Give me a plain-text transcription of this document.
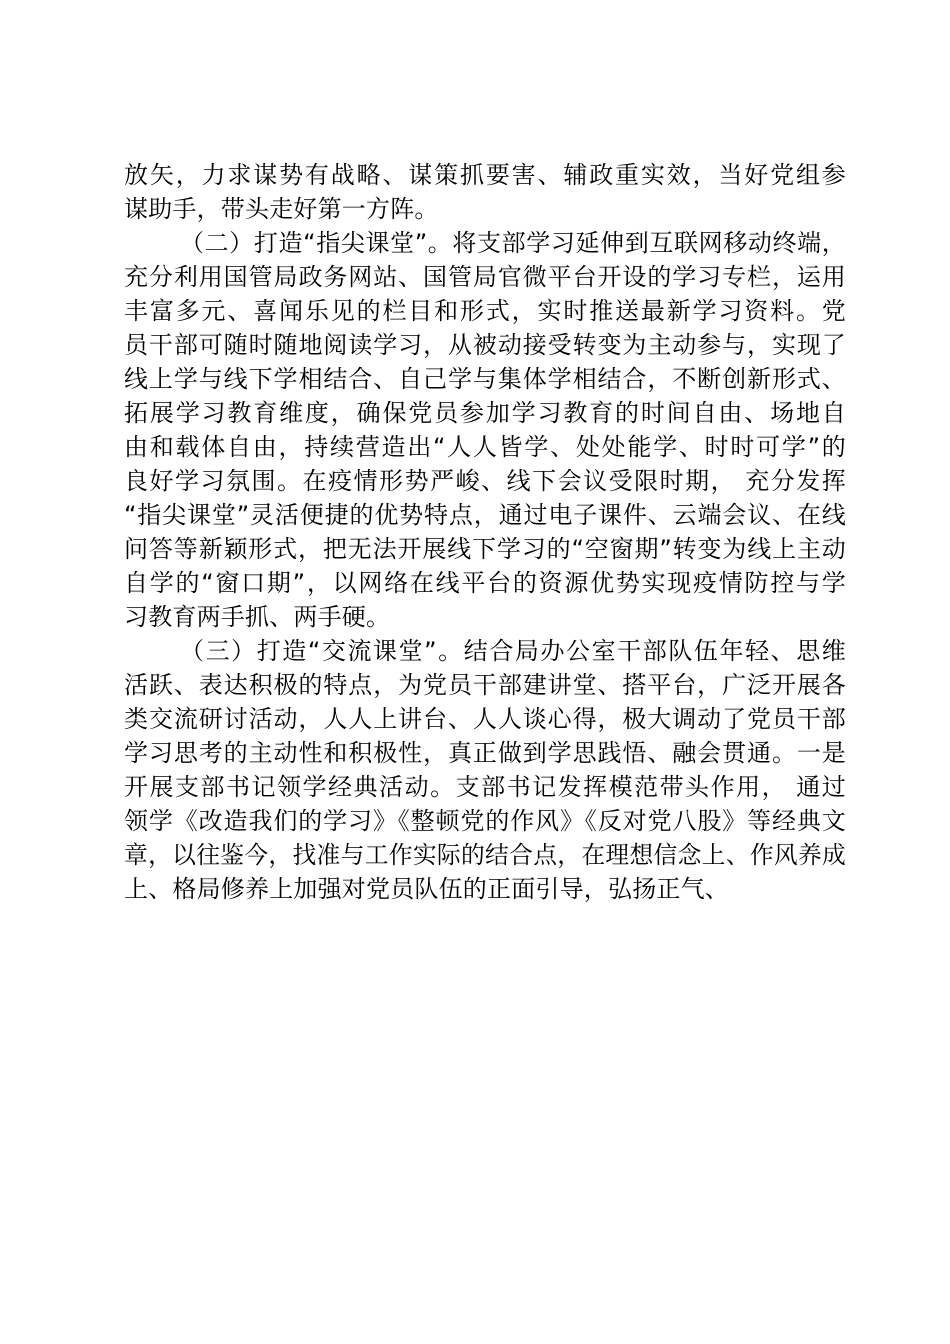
放矢，力求谋势有战略、谋策抓要害、辅政重实效，当好党组参
谋助手，带头走好第一方阵。
（二）打造“指尖课堂”。将支部学习延伸到互联网移动终端，
充分利用国管局政务网站、国管局官微平台开设的学习专栏，运用
丰富多元、喜闻乐见的栏目和形式，实时推送最新学习资料。党
员干部可随时随地阅读学习，从被动接受转变为主动参与，实现了
线上学与线下学相结合、自己学与集体学相结合，不断创新形式、
拓展学习教育维度，确保党员参加学习教育的时间自由、场地自
由和载体自由，持续营造出“人人皆学、处处能学、时时可学”的
良好学习氛围。在疫情形势严峻、线下会议受限时期， 充分发挥
“指尖课堂”灵活便捷的优势特点，通过电子课件、云端会议、在线
问答等新颖形式，把无法开展线下学习的“空窗期”转变为线上主动
自学的“窗口期”，以网络在线平台的资源优势实现疫情防控与学
习教育两手抓、两手硬。
（三）打造“交流课堂”。结合局办公室干部队伍年轻、思维
活跃、表达积极的特点，为党员干部建讲堂、搭平台，广泛开展各
类交流研讨活动，人人上讲台、人人谈心得，极大调动了党员干部
学习思考的主动性和积极性，真正做到学思践悟、融会贯通。一是
开展支部书记领学经典活动。支部书记发挥模范带头作用， 通过
领学《改造我们的学习》《整顿党的作风》《反对党八股》等经典文
章，以往鉴今，找准与工作实际的结合点，在理想信念上、作风养成
上、格局修养上加强对党员队伍的正面引导，弘扬正气、
